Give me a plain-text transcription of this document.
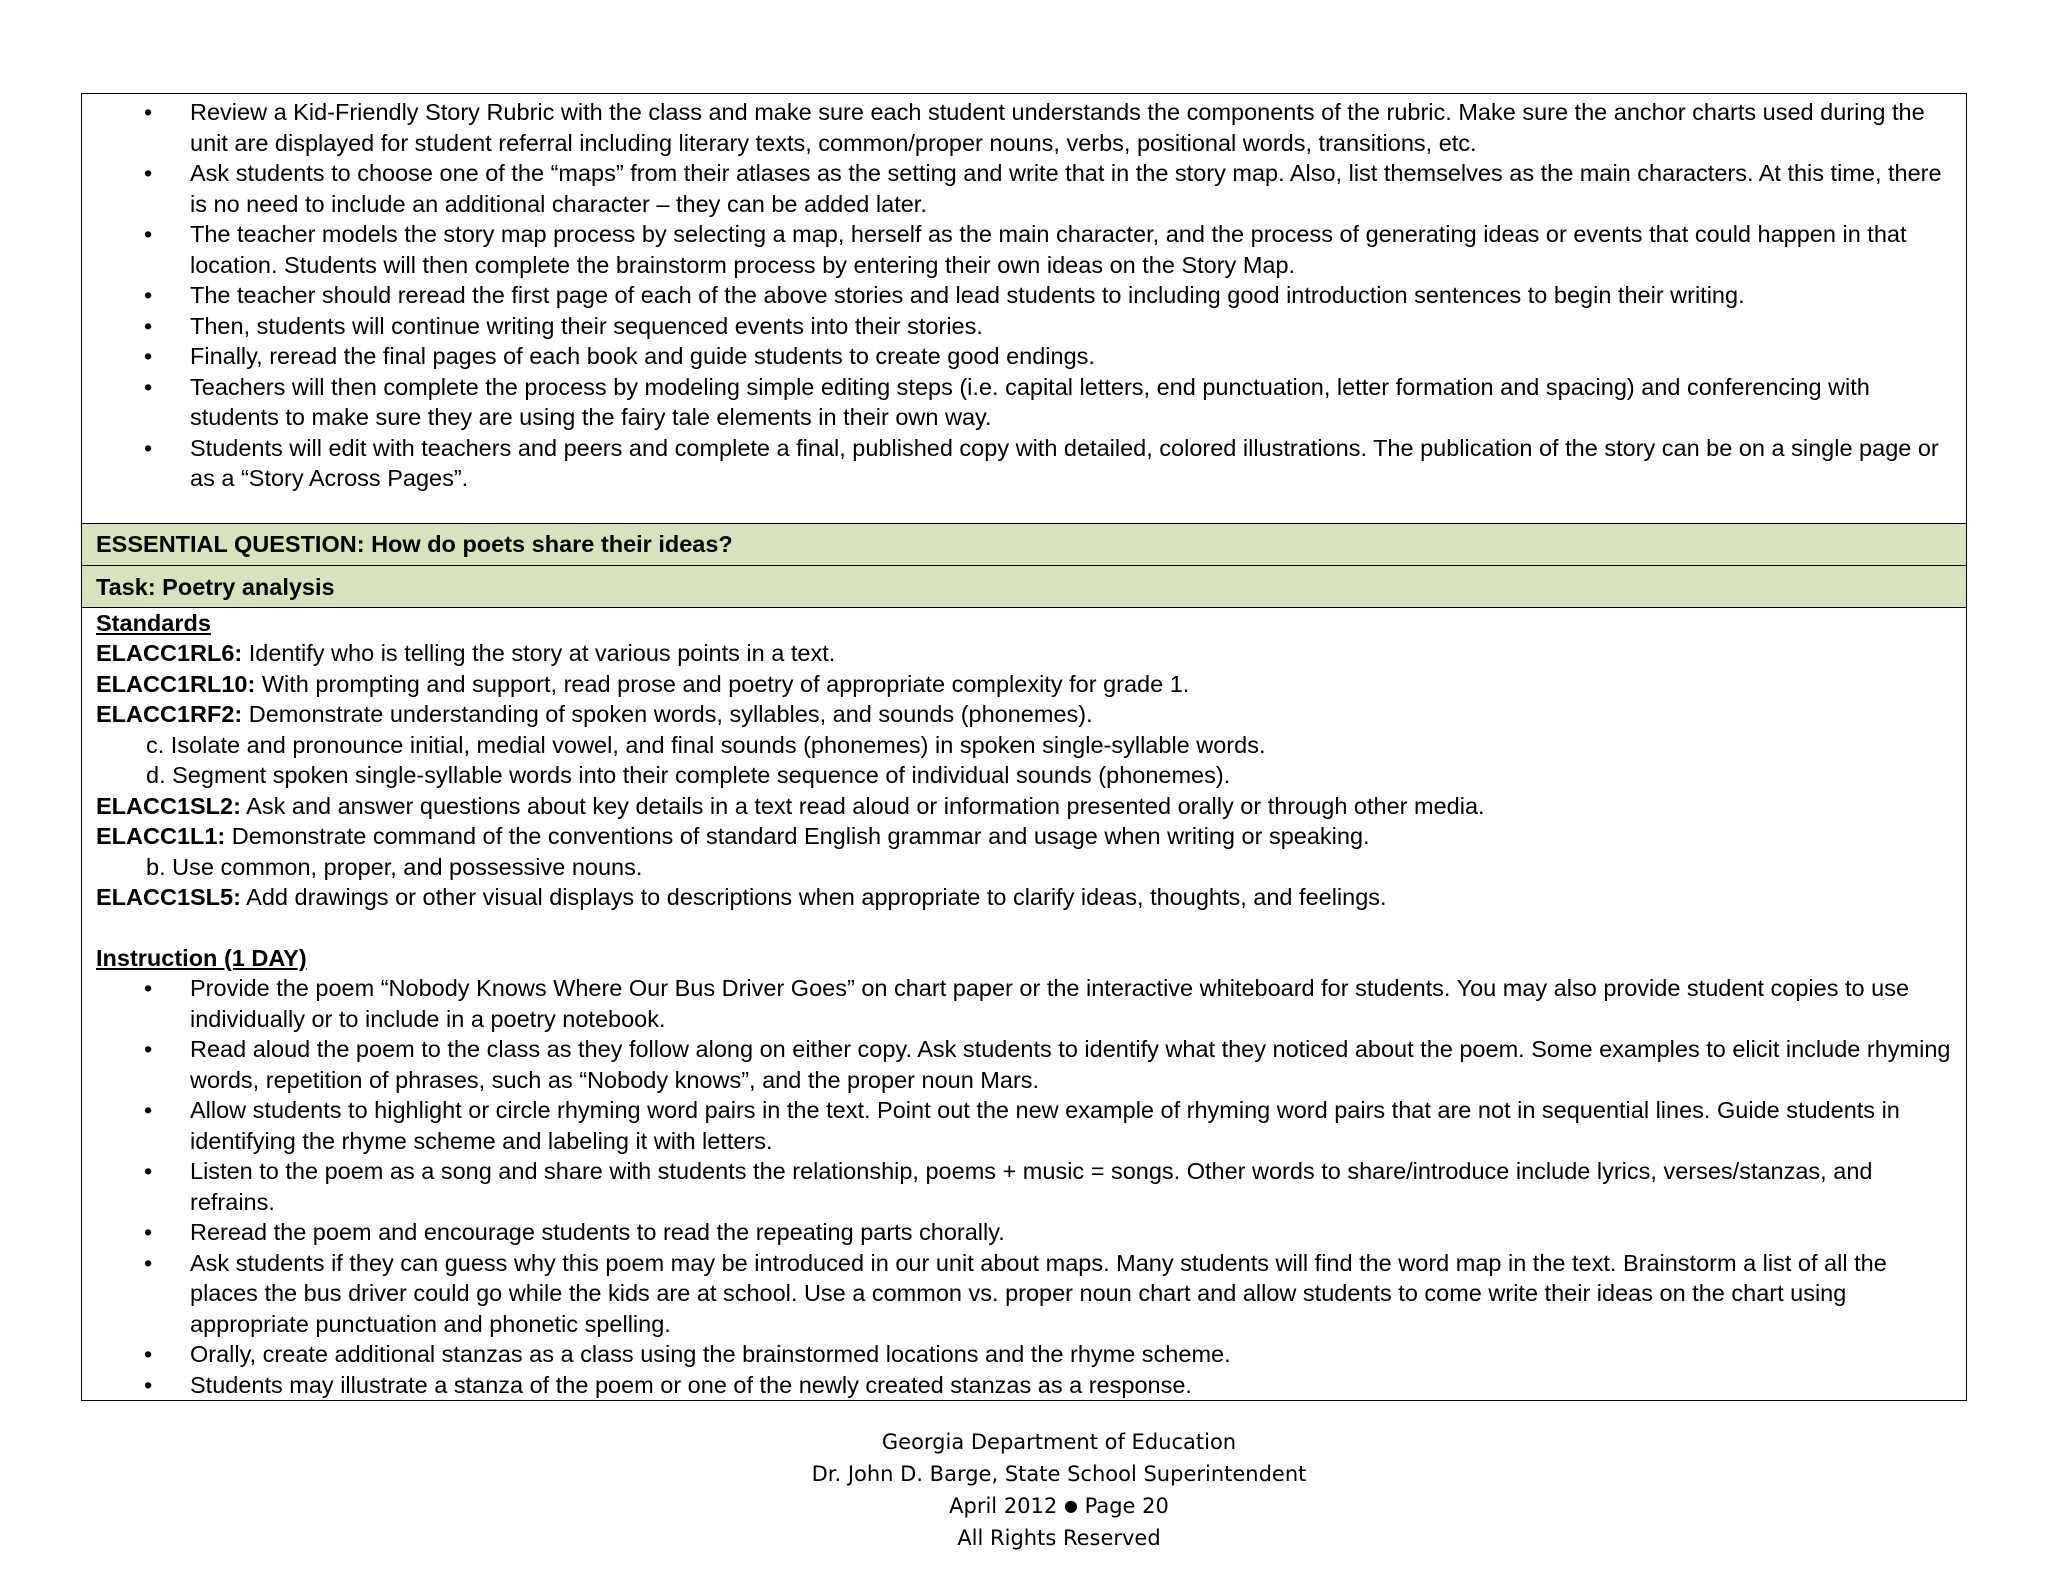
• Review a Kid-Friendly Story Rubric with the class and make sure each student understands the components of the rubric. Make sure the anchor charts used during the unit are displayed for student referral including literary texts, common/proper nouns, verbs, positional words, transitions, etc.
• Ask students to choose one of the “maps” from their atlases as the setting and write that in the story map. Also, list themselves as the main characters. At this time, there is no need to include an additional character – they can be added later.
• The teacher models the story map process by selecting a map, herself as the main character, and the process of generating ideas or events that could happen in that location. Students will then complete the brainstorm process by entering their own ideas on the Story Map.
• The teacher should reread the first page of each of the above stories and lead students to including good introduction sentences to begin their writing.
• Then, students will continue writing their sequenced events into their stories.
• Finally, reread the final pages of each book and guide students to create good endings.
• Teachers will then complete the process by modeling simple editing steps (i.e. capital letters, end punctuation, letter formation and spacing) and conferencing with students to make sure they are using the fairy tale elements in their own way.
• Students will edit with teachers and peers and complete a final, published copy with detailed, colored illustrations. The publication of the story can be on a single page or as a “Story Across Pages”.
ESSENTIAL QUESTION: How do poets share their ideas?
Task: Poetry analysis
Standards
ELACC1RL6: Identify who is telling the story at various points in a text.
ELACC1RL10: With prompting and support, read prose and poetry of appropriate complexity for grade 1.
ELACC1RF2: Demonstrate understanding of spoken words, syllables, and sounds (phonemes).
c. Isolate and pronounce initial, medial vowel, and final sounds (phonemes) in spoken single-syllable words.
d. Segment spoken single-syllable words into their complete sequence of individual sounds (phonemes).
ELACC1SL2: Ask and answer questions about key details in a text read aloud or information presented orally or through other media.
ELACC1L1: Demonstrate command of the conventions of standard English grammar and usage when writing or speaking.
b. Use common, proper, and possessive nouns.
ELACC1SL5: Add drawings or other visual displays to descriptions when appropriate to clarify ideas, thoughts, and feelings.
Instruction (1 DAY)
• Provide the poem “Nobody Knows Where Our Bus Driver Goes” on chart paper or the interactive whiteboard for students. You may also provide student copies to use individually or to include in a poetry notebook.
• Read aloud the poem to the class as they follow along on either copy. Ask students to identify what they noticed about the poem. Some examples to elicit include rhyming words, repetition of phrases, such as “Nobody knows”, and the proper noun Mars.
• Allow students to highlight or circle rhyming word pairs in the text. Point out the new example of rhyming word pairs that are not in sequential lines. Guide students in identifying the rhyme scheme and labeling it with letters.
• Listen to the poem as a song and share with students the relationship, poems + music = songs. Other words to share/introduce include lyrics, verses/stanzas, and refrains.
• Reread the poem and encourage students to read the repeating parts chorally.
• Ask students if they can guess why this poem may be introduced in our unit about maps. Many students will find the word map in the text. Brainstorm a list of all the places the bus driver could go while the kids are at school. Use a common vs. proper noun chart and allow students to come write their ideas on the chart using appropriate punctuation and phonetic spelling.
• Orally, create additional stanzas as a class using the brainstormed locations and the rhyme scheme.
• Students may illustrate a stanza of the poem or one of the newly created stanzas as a response.
Georgia Department of Education
Dr. John D. Barge, State School Superintendent
April 2012 ● Page 20
All Rights Reserved
